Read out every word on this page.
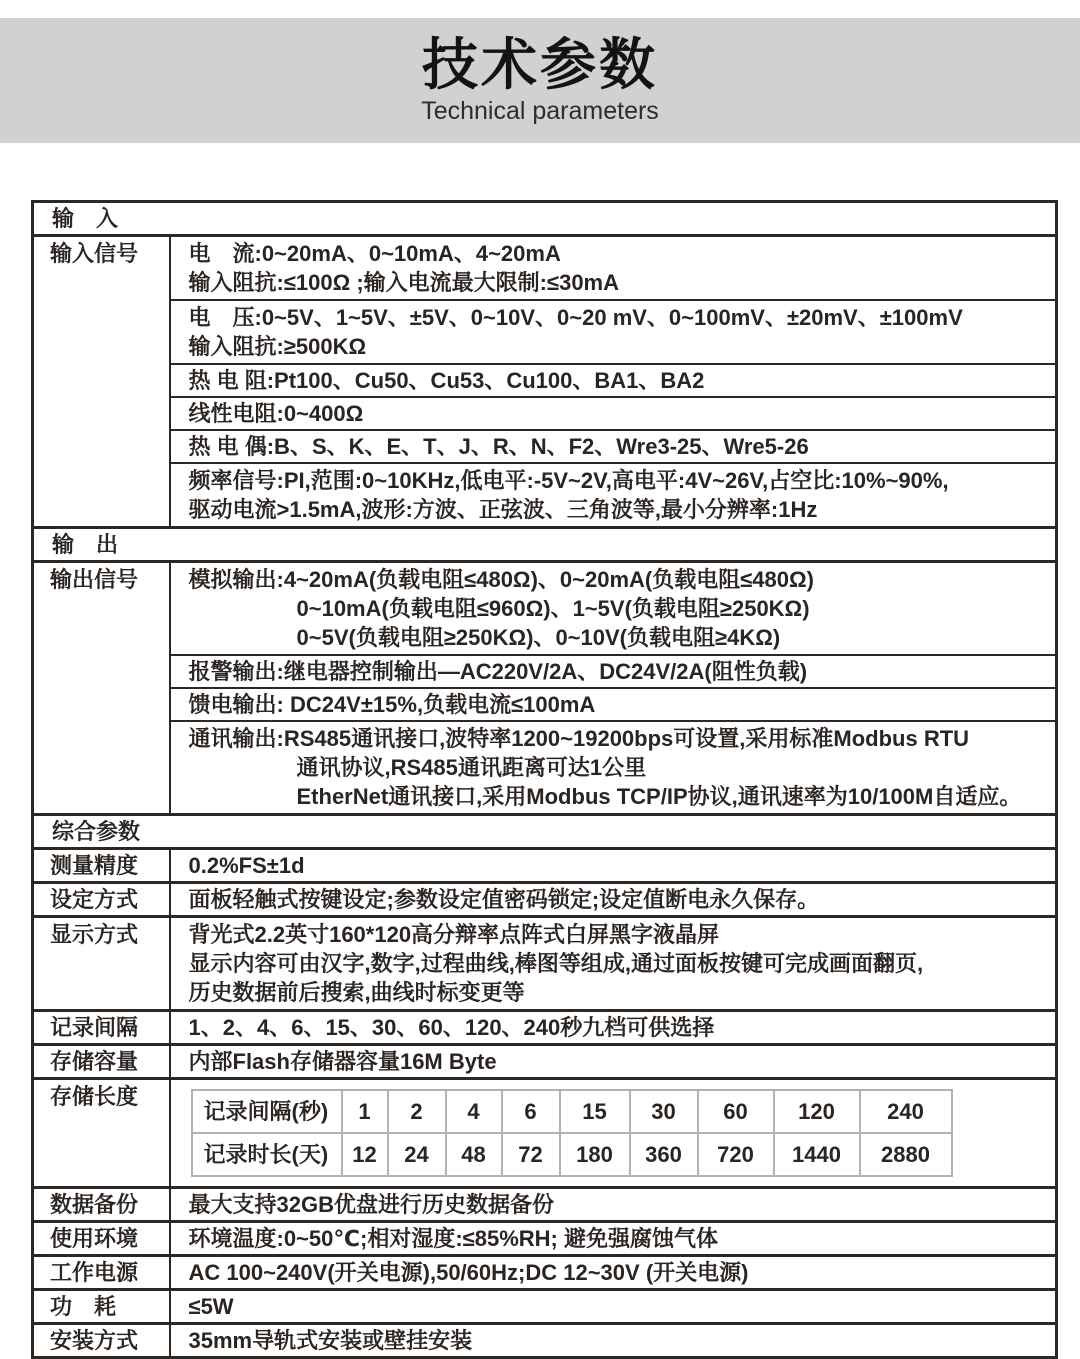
技术参数
Technical parameters
输　入
输入信号	电　流:0~20mA、0~10mA、4~20mA
输入阻抗:≤100Ω ;输入电流最大限制:≤30mA

电　压:0~5V、1~5V、±5V、0~10V、0~20 mV、0~100mV、±20mV、±100mV
输入阻抗:≥500KΩ

热 电 阻:Pt100、Cu50、Cu53、Cu100、BA1、BA2
线性电阻:0~400Ω
热 电 偶:B、S、K、E、T、J、R、N、F2、Wre3-25、Wre5-26

频率信号:PI,范围:0~10KHz,低电平:-5V~2V,高电平:4V~26V,占空比:10%~90%,
驱动电流>1.5mA,波形:方波、正弦波、三角波等,最小分辨率:1Hz

输　出
输出信号	模拟输出:4~20mA(负载电阻≤480Ω)、0~20mA(负载电阻≤480Ω)
0~10mA(负载电阻≤960Ω)、1~5V(负载电阻≥250KΩ)
0~5V(负载电阻≥250KΩ)、0~10V(负载电阻≥4KΩ)

报警输出:继电器控制输出—AC220V/2A、DC24V/2A(阻性负载)
馈电输出: DC24V±15%,负载电流≤100mA

通讯输出:RS485通讯接口,波特率1200~19200bps可设置,采用标准Modbus RTU
通讯协议,RS485通讯距离可达1公里
EtherNet通讯接口,采用Modbus TCP/IP协议,通讯速率为10/100M自适应。

综合参数
测量精度	0.2%FS±1d
设定方式	面板轻触式按键设定;参数设定值密码锁定;设定值断电永久保存。
显示方式	背光式2.2英寸160*120高分辩率点阵式白屏黑字液晶屏
显示内容可由汉字,数字,过程曲线,棒图等组成,通过面板按键可完成画面翻页,
历史数据前后搜索,曲线时标变更等

记录间隔	1、2、4、6、15、30、60、120、240秒九档可供选择
存储容量	内部Flash存储器容量16M Byte
存储长度	
记录间隔(秒)	1	2	4	6	15	30	60	120	240
记录时长(天)	12	24	48	72	180	360	720	1440	2880

数据备份	最大支持32GB优盘进行历史数据备份
使用环境	环境温度:0~50℃;相对湿度:≤85%RH; 避免强腐蚀气体
工作电源	AC 100~240V(开关电源),50/60Hz;DC 12~30V (开关电源)
功　耗	≤5W
安装方式	35mm导轨式安装或壁挂安装
